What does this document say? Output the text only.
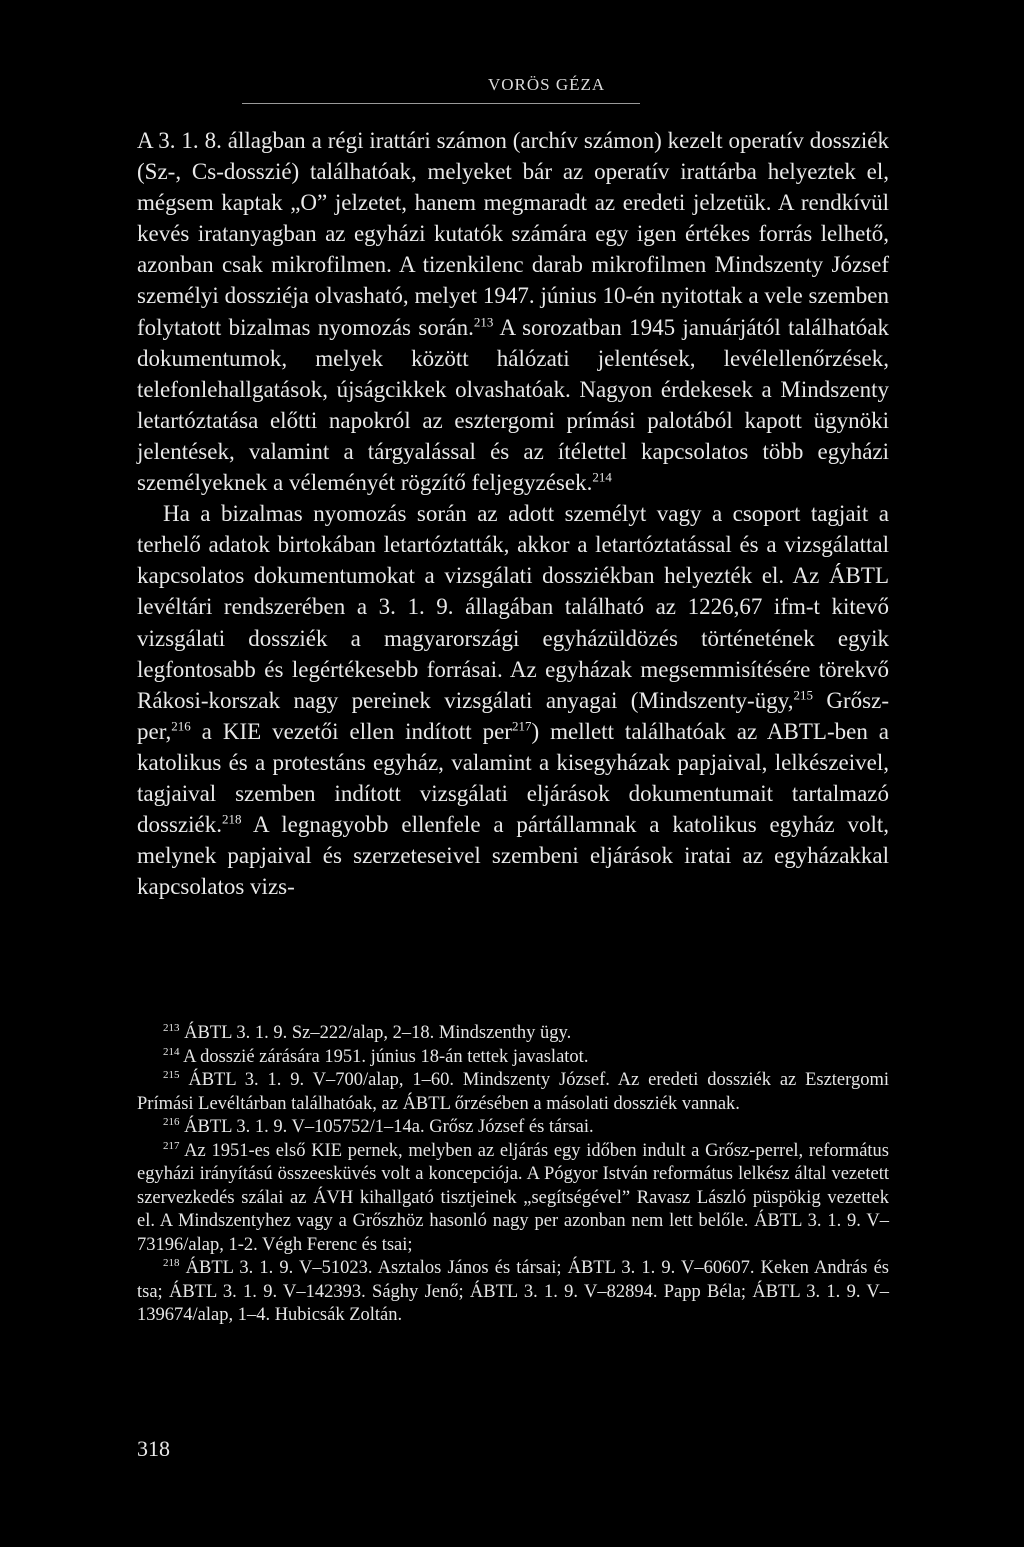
VORÖS GÉZA

A 3. 1. 8. állagban a régi irattári számon (archív számon) kezelt operatív dossziék (Sz-, Cs-dosszié) találhatóak, melyeket bár az operatív irattárba helyeztek el, mégsem kaptak „O” jelzetet, hanem megmaradt az eredeti jelzetük. A rendkívül kevés iratanyagban az egyházi kutatók számára egy igen értékes forrás lelhető, azonban csak mikrofilmen. A tizenkilenc darab mikrofilmen Mindszenty József személyi dossziéja olvasható, melyet 1947. június 10-én nyitottak a vele szemben folytatott bizalmas nyomozás során.$^{213}$ A sorozatban 1945 januárjától találhatóak dokumentumok, melyek között hálózati jelentések, levélellenőrzések, telefonlehallgatások, újságcikkek olvashatóak. Nagyon érdekesek a Mindszenty letartóztatása előtti napokról az esztergomi prímási palotából kapott ügynöki jelentések, valamint a tárgyalással és az ítélettel kapcsolatos több egyházi személyeknek a véleményét rögzítő feljegyzések.$^{214}$

Ha a bizalmas nyomozás során az adott személyt vagy a csoport tagjait a terhelő adatok birtokában letartóztatták, akkor a letartóztatással és a vizsgálattal kapcsolatos dokumentumokat a vizsgálati dossziékban helyezték el. Az ÁBTL levéltári rendszerében a 3. 1. 9. állagában található az 1226,67 ifm-t kitevő vizsgálati dossziék a magyarországi egyházüldözés történetének egyik legfontosabb és legértékesebb forrásai. Az egyházak megsemmisítésére törekvő Rákosi-korszak nagy pereinek vizsgálati anyagai (Mindszenty-ügy,$^{215}$ Grősz-per,$^{216}$ a KIE vezetői ellen indított per$^{217}$) mellett találhatóak az ABTL-ben a katolikus és a protestáns egyház, valamint a kisegyházak papjaival, lelkészeivel, tagjaival szemben indított vizsgálati eljárások dokumentumait tartalmazó dossziék.$^{218}$ A legnagyobb ellenfele a pártállamnak a katolikus egyház volt, melynek papjaival és szerzeteseivel szembeni eljárások iratai az egyházakkal kapcsolatos vizs-

$^{213}$ ÁBTL 3. 1. 9. Sz–222/alap, 2–18. Mindszenthy ügy.

$^{214}$ A dosszié zárására 1951. június 18-án tettek javaslatot.

$^{215}$ ÁBTL 3. 1. 9. V–700/alap, 1–60. Mindszenty József. Az eredeti dossziék az Esztergomi Prímási Levéltárban találhatóak, az ÁBTL őrzésében a másolati dossziék vannak.

$^{216}$ ÁBTL 3. 1. 9. V–105752/1–14a. Grősz József és társai.

$^{217}$ Az 1951-es első KIE pernek, melyben az eljárás egy időben indult a Grősz-perrel, református egyházi irányítású összeesküvés volt a koncepciója. A Pógyor István református lelkész által vezetett szervezkedés szálai az ÁVH kihallgató tisztjeinek „segítségével” Ravasz László püspökig vezettek el. A Mindszentyhez vagy a Grőszhöz hasonló nagy per azonban nem lett belőle. ÁBTL 3. 1. 9. V–73196/alap, 1-2. Végh Ferenc és tsai;

$^{218}$ ÁBTL 3. 1. 9. V–51023. Asztalos János és társai; ÁBTL 3. 1. 9. V–60607. Keken András és tsa; ÁBTL 3. 1. 9. V–142393. Sághy Jenő; ÁBTL 3. 1. 9. V–82894. Papp Béla; ÁBTL 3. 1. 9. V–139674/alap, 1–4. Hubicsák Zoltán.

318
